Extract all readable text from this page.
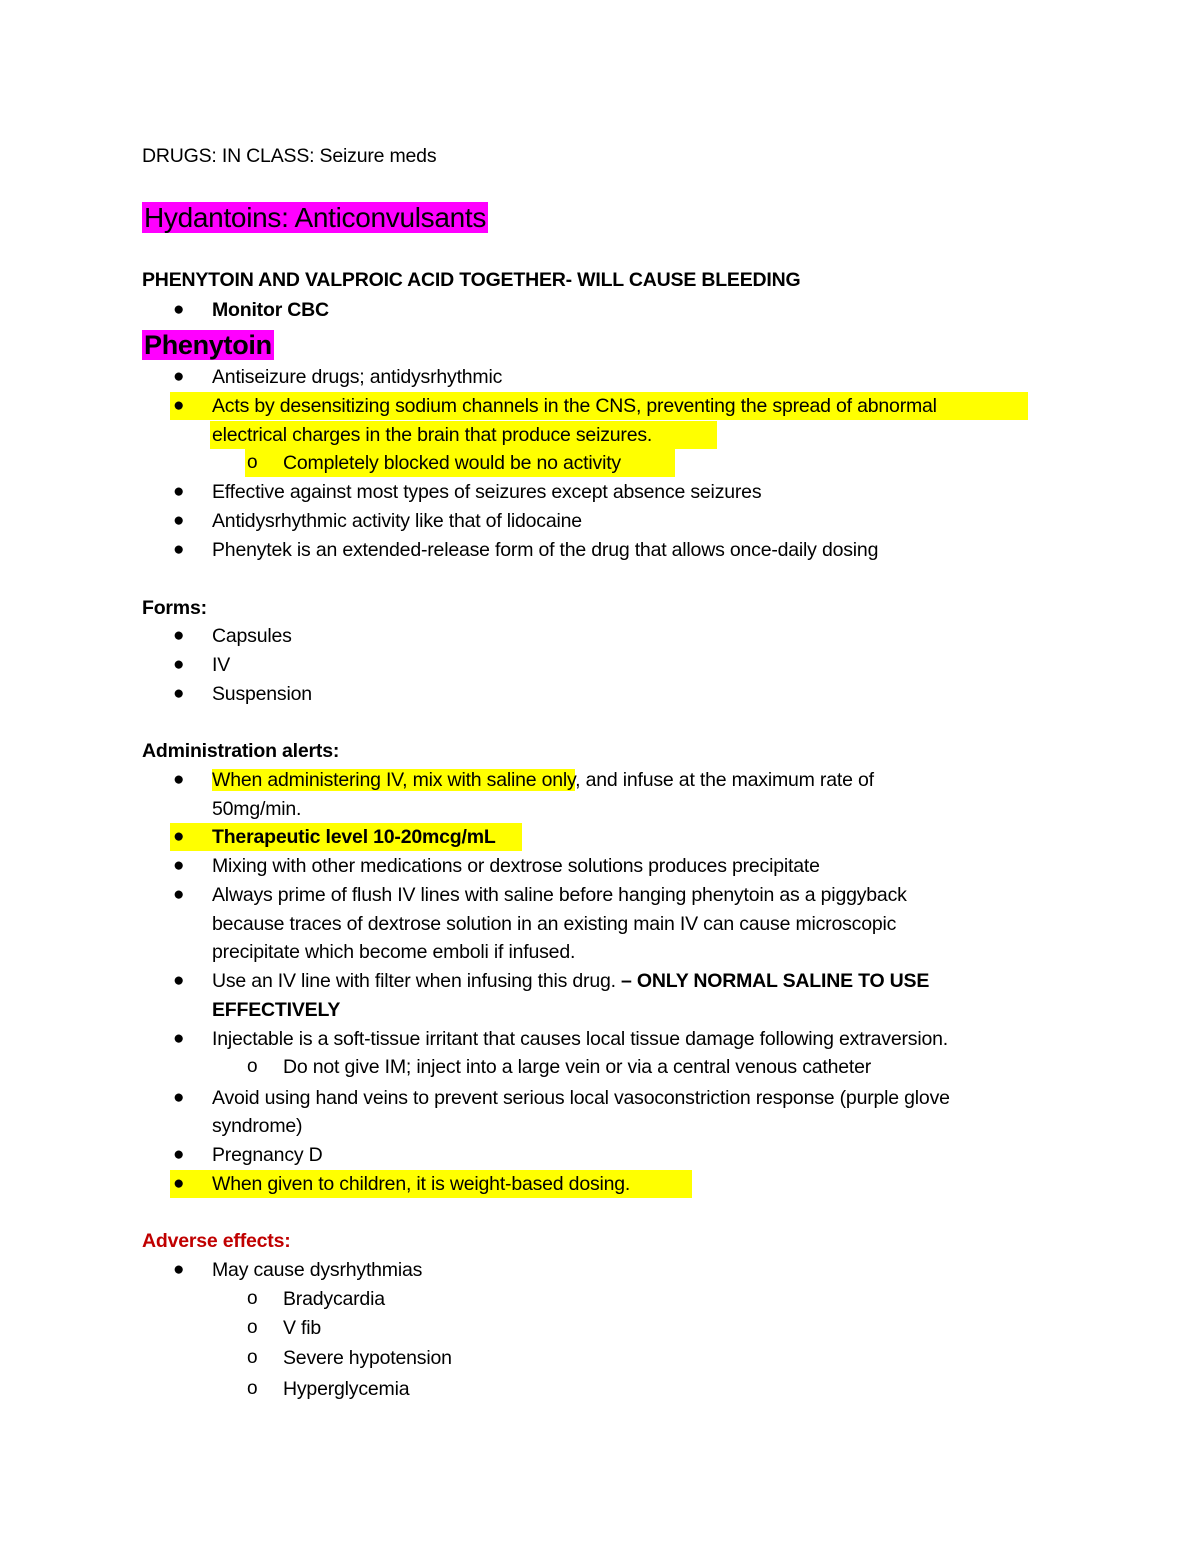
DRUGS: IN CLASS: Seizure meds
Hydantoins: Anticonvulsants
PHENYTOIN AND VALPROIC ACID TOGETHER- WILL CAUSE BLEEDING
● Monitor CBC
Phenytoin
● Antiseizure drugs; antidysrhythmic
● Acts by desensitizing sodium channels in the CNS, preventing the spread of abnormal
electrical charges in the brain that produce seizures.
o Completely blocked would be no activity
● Effective against most types of seizures except absence seizures
● Antidysrhythmic activity like that of lidocaine
● Phenytek is an extended-release form of the drug that allows once-daily dosing
Forms:
● Capsules
● IV
● Suspension
Administration alerts:
● When administering IV, mix with saline only, and infuse at the maximum rate of
50mg/min.
● Therapeutic level 10-20mcg/mL
● Mixing with other medications or dextrose solutions produces precipitate
● Always prime of flush IV lines with saline before hanging phenytoin as a piggyback
because traces of dextrose solution in an existing main IV can cause microscopic
precipitate which become emboli if infused.
● Use an IV line with filter when infusing this drug. – ONLY NORMAL SALINE TO USE
EFFECTIVELY
● Injectable is a soft-tissue irritant that causes local tissue damage following extraversion.
o Do not give IM; inject into a large vein or via a central venous catheter
● Avoid using hand veins to prevent serious local vasoconstriction response (purple glove
syndrome)
● Pregnancy D
● When given to children, it is weight-based dosing.
Adverse effects:
● May cause dysrhythmias
o Bradycardia
o V fib
o Severe hypotension
o Hyperglycemia
